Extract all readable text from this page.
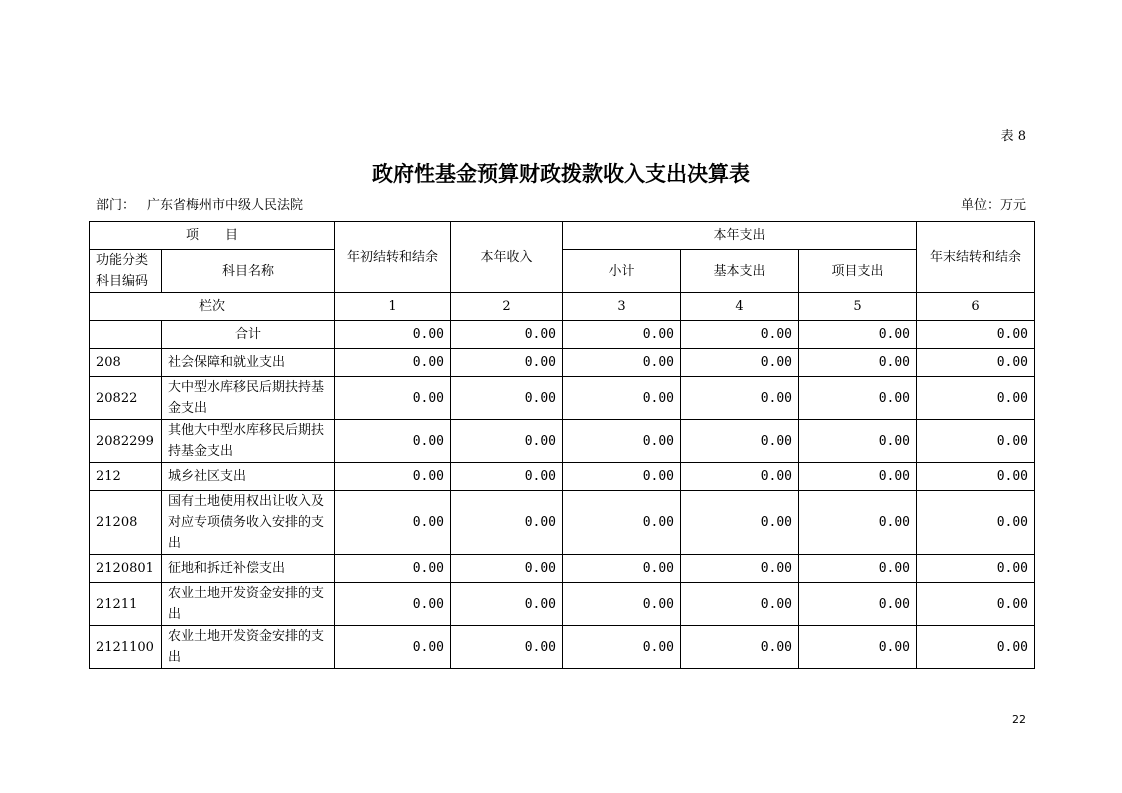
表 8
政府性基金预算财政拨款收入支出决算表
部门： 广东省梅州市中级人民法院	单位：万元
项　　目		年初结转和结余	本年收入	本年支出			年末结转和结余
功能分类科目编码	科目名称			小计	基本支出	项目支出	
栏次		1	2	3	4	5	6
	合计	0.00	0.00	0.00	0.00	0.00	0.00
208	社会保障和就业支出	0.00	0.00	0.00	0.00	0.00	0.00
20822	大中型水库移民后期扶持基金支出	0.00	0.00	0.00	0.00	0.00	0.00
2082299	其他大中型水库移民后期扶持基金支出	0.00	0.00	0.00	0.00	0.00	0.00
212	城乡社区支出	0.00	0.00	0.00	0.00	0.00	0.00
21208	国有土地使用权出让收入及对应专项债务收入安排的支出	0.00	0.00	0.00	0.00	0.00	0.00
2120801	征地和拆迁补偿支出	0.00	0.00	0.00	0.00	0.00	0.00
21211	农业土地开发资金安排的支出	0.00	0.00	0.00	0.00	0.00	0.00
2121100	农业土地开发资金安排的支出	0.00	0.00	0.00	0.00	0.00	0.00
22
